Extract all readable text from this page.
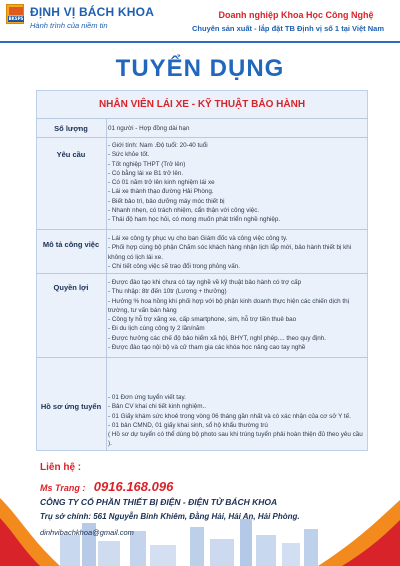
BKSPS ĐỊNH VỊ BÁCH KHOA
Hành trình của niềm tin
Doanh nghiệp Khoa Học Công Nghệ
Chuyên sản xuất - lắp đặt TB Định vị số 1 tại Việt Nam
TUYỂN DỤNG
NHÂN VIÊN LÁI XE - KỸ THUẬT BẢO HÀNH
Số lượng	01 người - Hợp đồng dài hạn
Yêu cầu
- Giới tính: Nam .Độ tuổi: 20-40 tuổi
- Sức khỏe tốt.
- Tốt nghiệp THPT (Trở lên)
- Có bằng lái xe B1 trở lên.
- Có 01 năm trở lên kinh nghiệm lái xe
- Lái xe thành thạo đường Hải Phòng.
- Biết bảo trì, bảo dưỡng máy móc thiết bị
- Nhanh nhẹn, có trách nhiệm, cẩn thận với công việc.
- Thái độ ham học hỏi, có mong muốn phát triển nghề nghiệp.
Mô tả công việc
- Lái xe công ty phục vụ cho ban Giám đốc và công việc công ty.
- Phối hợp cùng bộ phận Chăm sóc khách hàng nhận lịch lắp mới, bảo hành thiết bị khi
không có lịch lái xe.
- Chi tiết công việc sẽ trao đổi trong phỏng vấn.
Quyền lợi
- Được đào tạo khi chưa có tay nghề về kỹ thuật bảo hành có trợ cấp
- Thu nhập: 8tr đến 10tr (Lương + thưởng)
- Hưởng % hoa hồng khi phối hợp với bộ phận kinh doanh thực hiện các chiến dịch thị
trường, tư vấn bán hàng
- Công ty hỗ trợ xăng xe, cấp smartphone, sim, hỗ trợ tiền thuê bao
- Đi du lịch cùng công ty 2 lần/năm
- Được hưởng các chế độ bảo hiểm xã hội, BHYT, nghỉ phép.... theo quy định.
- Được đào tạo nội bộ và cử tham gia các khóa học nâng cao tay nghề
Hồ sơ ứng tuyển
- 01 Đơn ứng tuyển viết tay.
- Bản CV khai chi tiết kinh nghiệm..
- 01 Giấy khám sức khoẻ trong vòng 06 tháng gần nhất và có xác nhận của cơ sở Y tế.
- 01 bản CMND, 01 giấy khai sinh, sổ hộ khẩu thường trú
( Hồ sơ dự tuyển có thể dùng bộ photo sau khi trúng tuyển phải hoàn thiện đủ theo yêu cầu ).
Liên hệ :
Ms Trang : 0916.168.096
CÔNG TY CỔ PHẦN THIẾT BỊ ĐIỆN - ĐIỆN TỬ BÁCH KHOA
Trụ sở chính: 561 Nguyễn Bỉnh Khiêm, Đằng Hải, Hải An, Hải Phòng.
dinhvibachkhoa@gmail.com
